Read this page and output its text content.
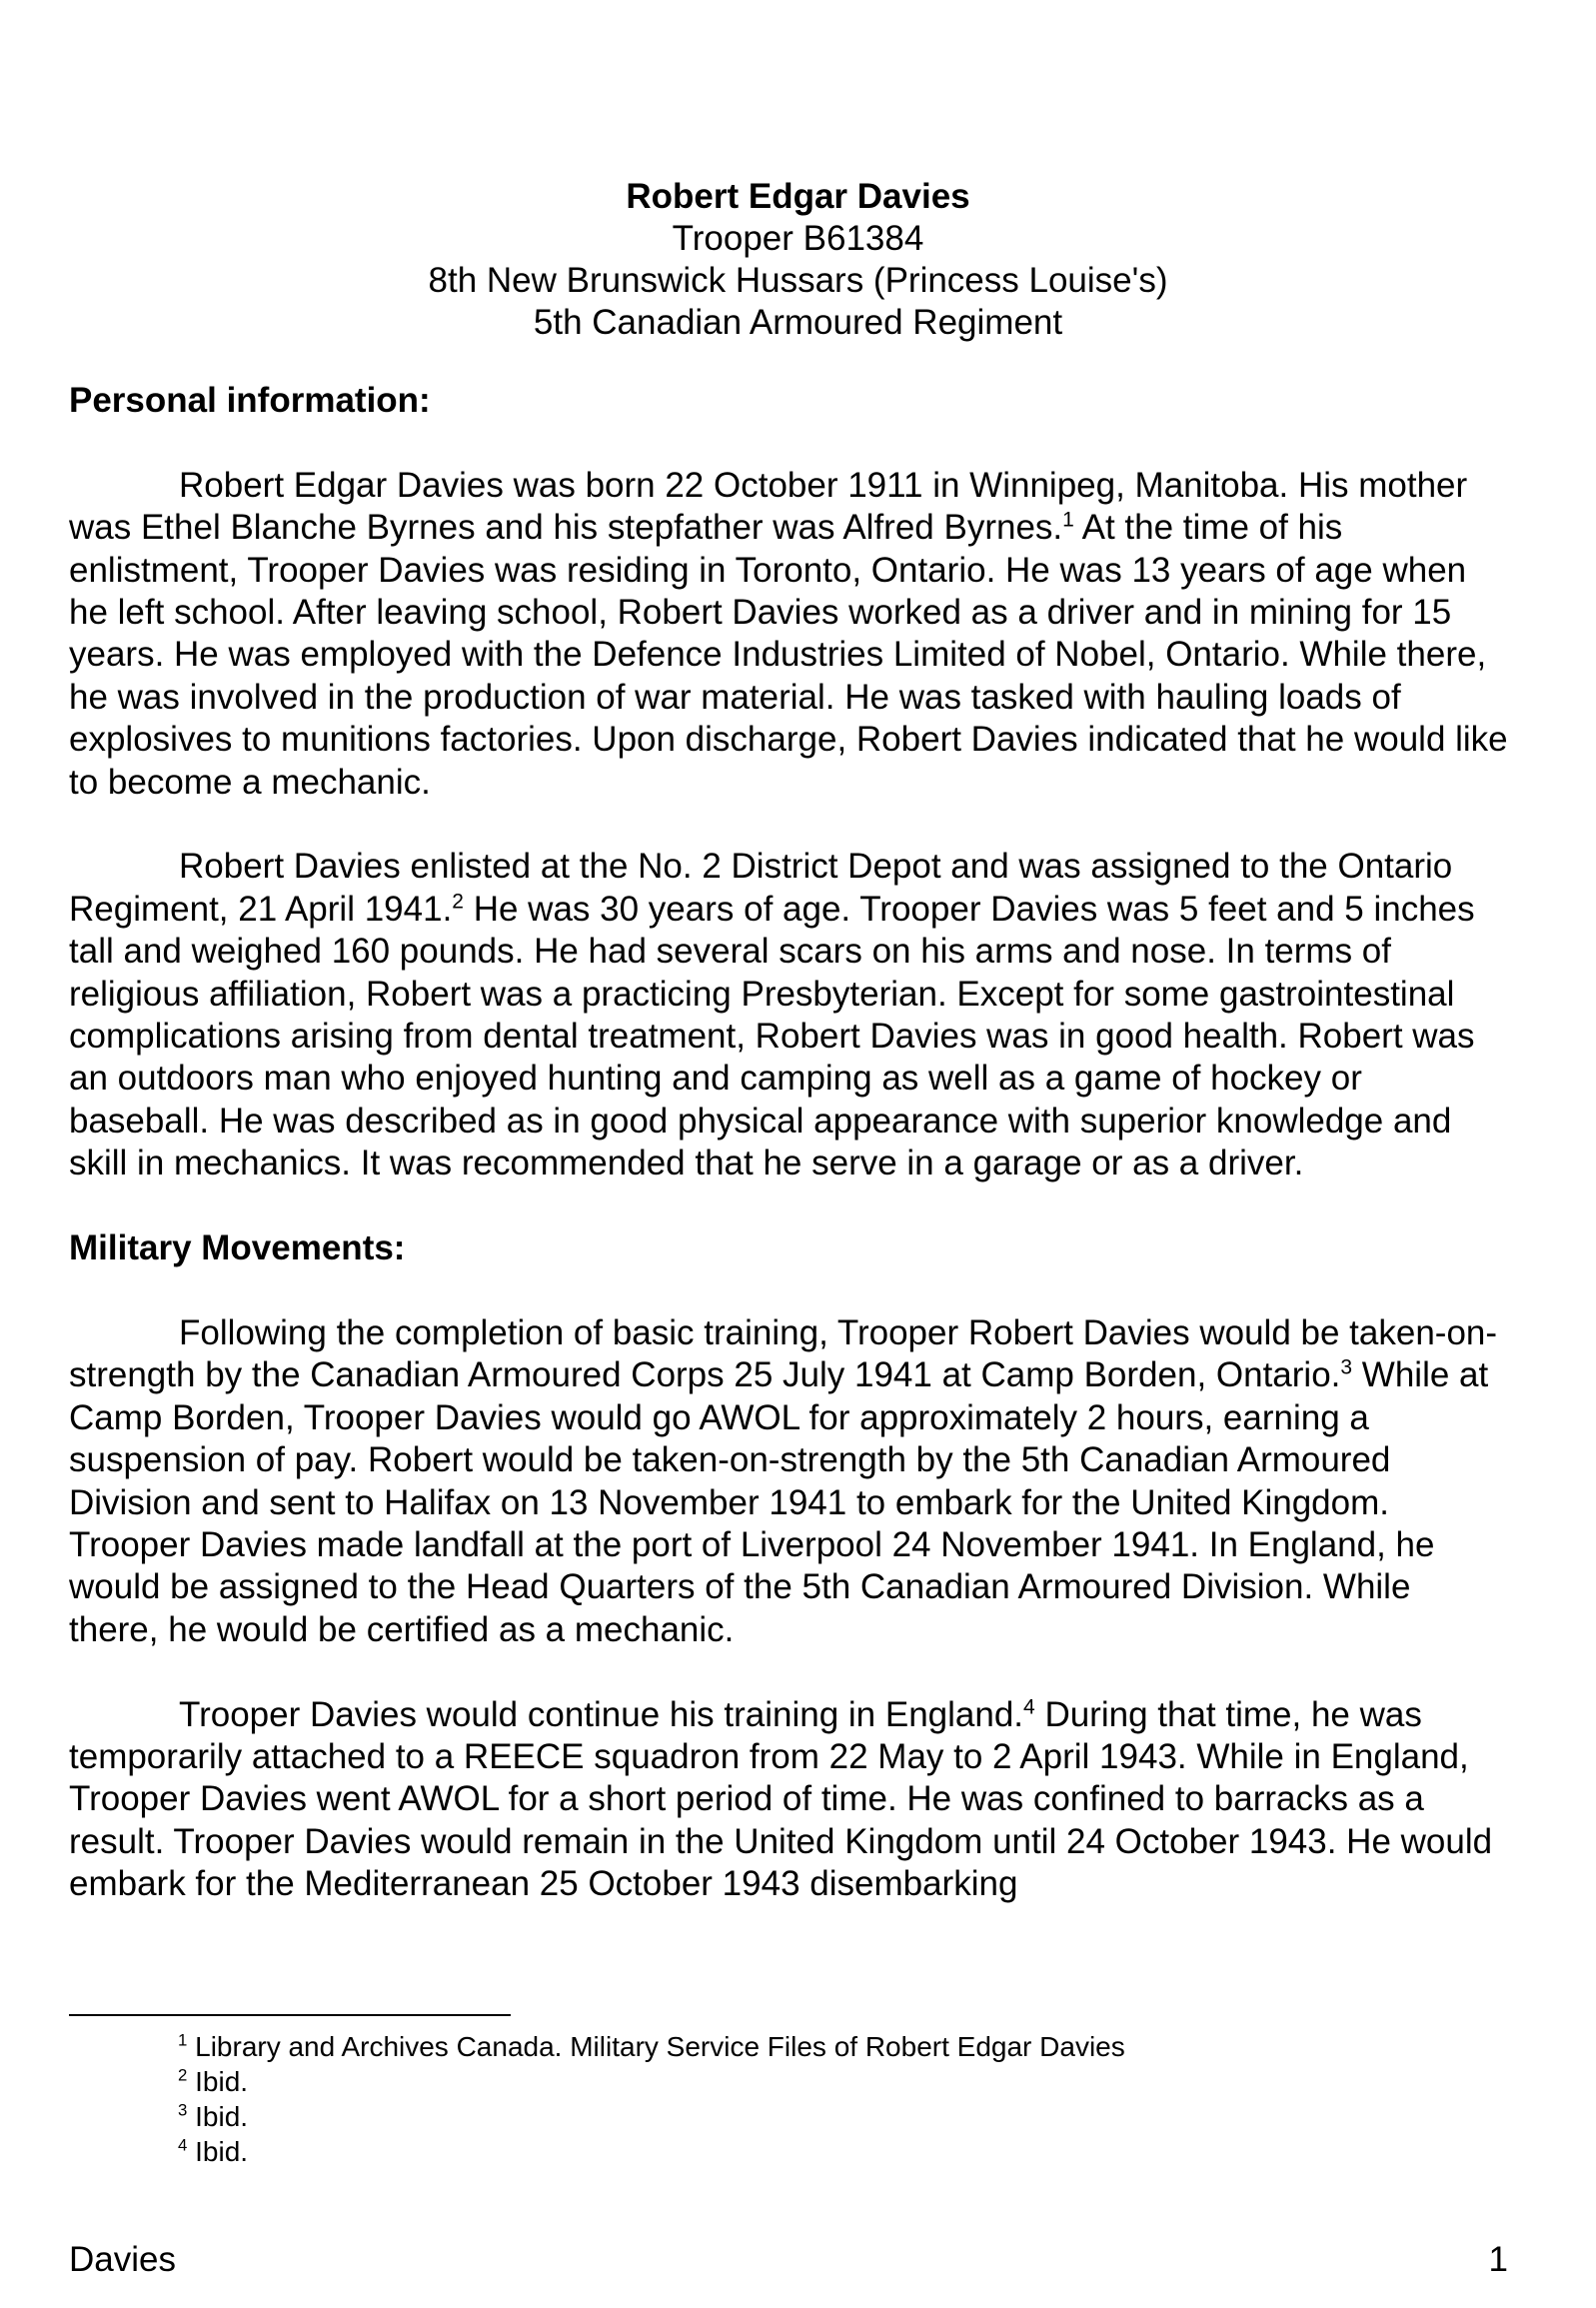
Robert Edgar Davies
Trooper B61384
8th New Brunswick Hussars (Princess Louise's)
5th Canadian Armoured Regiment

Personal information:

Robert Edgar Davies was born 22 October 1911 in Winnipeg, Manitoba. His mother was Ethel Blanche Byrnes and his stepfather was Alfred Byrnes.$^1$ At the time of his enlistment, Trooper Davies was residing in Toronto, Ontario. He was 13 years of age when he left school. After leaving school, Robert Davies worked as a driver and in mining for 15 years. He was employed with the Defence Industries Limited of Nobel, Ontario. While there, he was involved in the production of war material. He was tasked with hauling loads of explosives to munitions factories. Upon discharge, Robert Davies indicated that he would like to become a mechanic.

Robert Davies enlisted at the No. 2 District Depot and was assigned to the Ontario Regiment, 21 April 1941.$^2$ He was 30 years of age. Trooper Davies was 5 feet and 5 inches tall and weighed 160 pounds. He had several scars on his arms and nose. In terms of religious affiliation, Robert was a practicing Presbyterian. Except for some gastrointestinal complications arising from dental treatment, Robert Davies was in good health. Robert was an outdoors man who enjoyed hunting and camping as well as a game of hockey or baseball. He was described as in good physical appearance with superior knowledge and skill in mechanics. It was recommended that he serve in a garage or as a driver.

Military Movements:

Following the completion of basic training, Trooper Robert Davies would be taken-on-strength by the Canadian Armoured Corps 25 July 1941 at Camp Borden, Ontario.$^3$ While at Camp Borden, Trooper Davies would go AWOL for approximately 2 hours, earning a suspension of pay. Robert would be taken-on-strength by the 5th Canadian Armoured Division and sent to Halifax on 13 November 1941 to embark for the United Kingdom. Trooper Davies made landfall at the port of Liverpool 24 November 1941. In England, he would be assigned to the Head Quarters of the 5th Canadian Armoured Division. While there, he would be certified as a mechanic.

Trooper Davies would continue his training in England.$^4$ During that time, he was temporarily attached to a REECE squadron from 22 May to 2 April 1943. While in England, Trooper Davies went AWOL for a short period of time. He was confined to barracks as a result. Trooper Davies would remain in the United Kingdom until 24 October 1943. He would embark for the Mediterranean 25 October 1943 disembarking

$^1$ Library and Archives Canada. Military Service Files of Robert Edgar Davies
$^2$ Ibid.
$^3$ Ibid.
$^4$ Ibid.
Davies	1
